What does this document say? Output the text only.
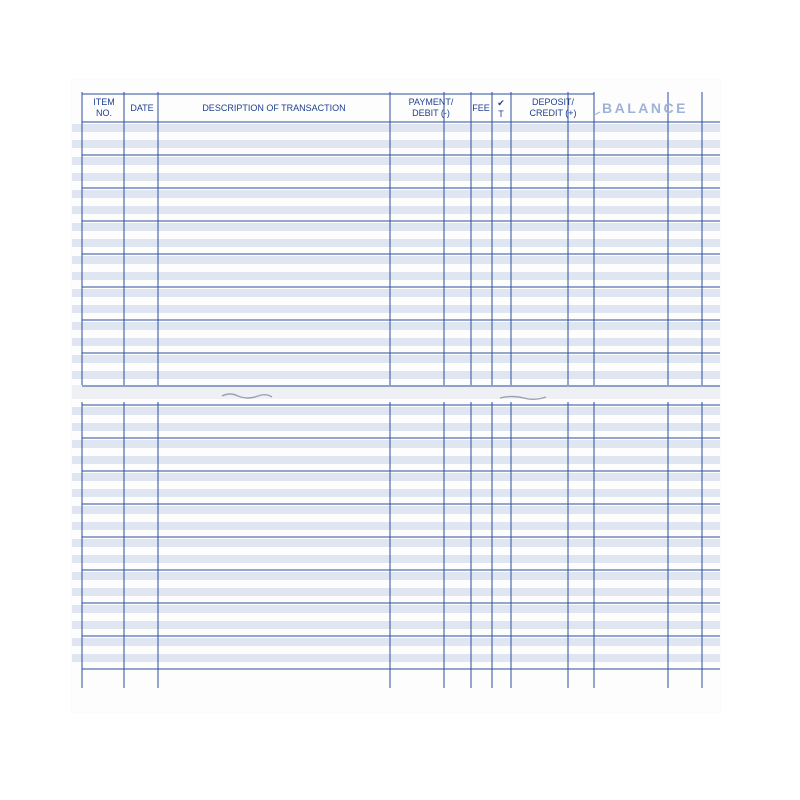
ITEM
NO. DATE	DESCRIPTION OF TRANSACTION
PAYMENT/
DEBIT (-) FEE ✔
T
DEPOSIT/
CREDIT (+) BALANCE
